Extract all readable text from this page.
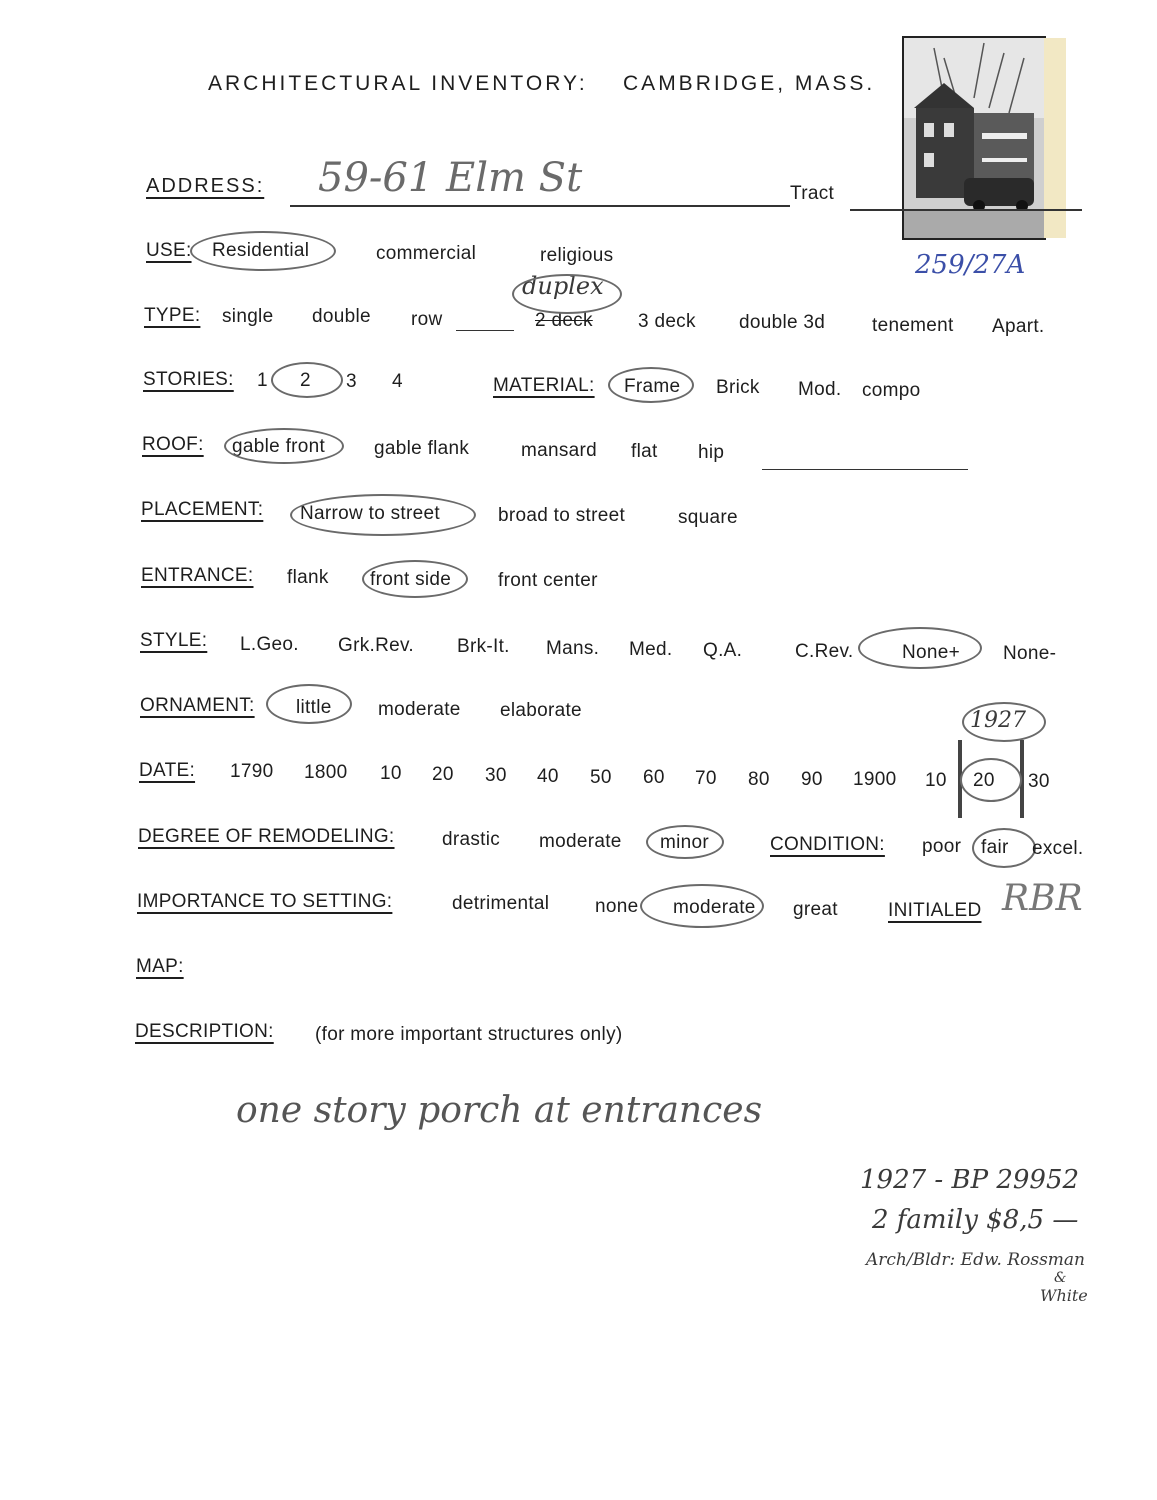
ARCHITECTURAL INVENTORY: CAMBRIDGE, MASS.
ADDRESS: 59-61 Elm St	Tract
259/27A
USE: Residential	commercial	religious
TYPE: single double row	2 deck
duplex
3 deck double 3d tenement Apart.
STORIES: 1 2 3 4	MATERIAL: Frame Brick Mod. compo
ROOF: gable front	gable flank	mansard flat hip
PLACEMENT: Narrow to street	broad to street	square
ENTRANCE: flank front side front center
STYLE: L.Geo. Grk.Rev. Brk-It. Mans. Med. Q.A.	C.Rev.	None+ None-
ORNAMENT: little moderate elaborate
DATE: 1790 1800 10 20 30 40 50 60 70 80 90 1900 10 20 30
1927
DEGREE OF REMODELING: drastic moderate minor	CONDITION: poor fair excel.
IMPORTANCE TO SETTING:	detrimental none moderate great	INITIALED RBR
MAP:
DESCRIPTION: (for more important structures only)
one story porch at entrances
1927 - BP 29952
2 family $8,5 —
Arch/Bldr: Edw. Rossman
&
White
